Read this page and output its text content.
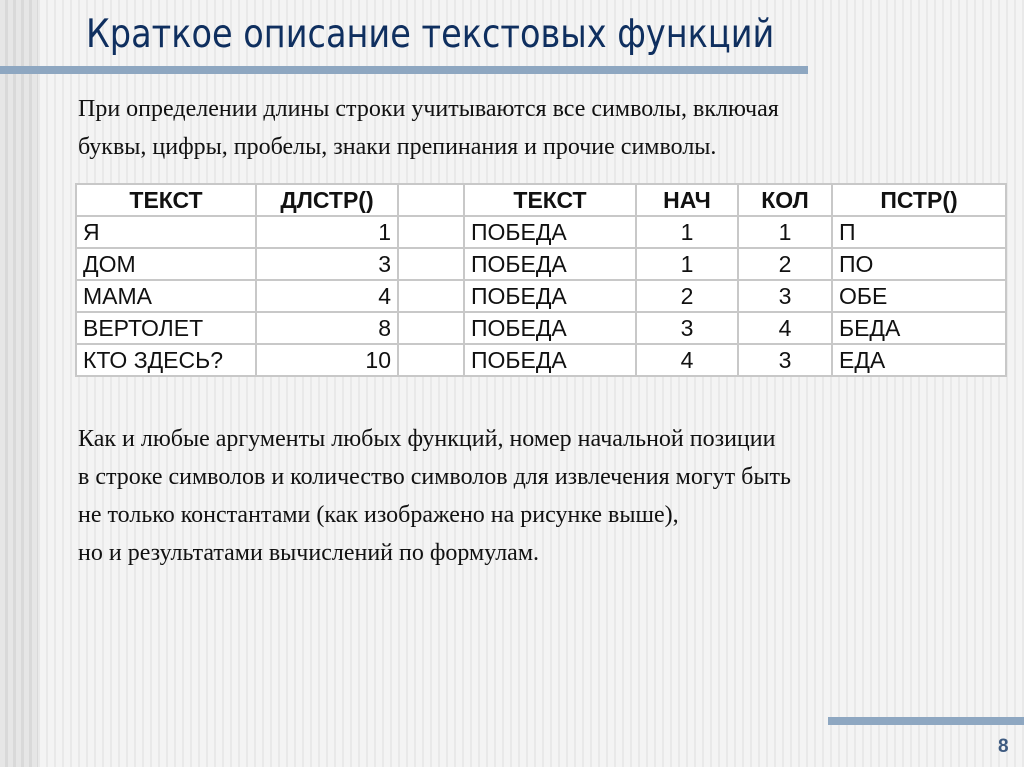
Краткое описание текстовых функций
При определении длины строки учитываются все символы, включая
буквы, цифры, пробелы, знаки препинания и прочие символы.
ТЕКСТ	ДЛСТР()		ТЕКСТ	НАЧ	КОЛ	ПСТР()
Я	1		ПОБЕДА	1	1	П
ДОМ	3		ПОБЕДА	1	2	ПО
МАМА	4		ПОБЕДА	2	3	ОБЕ
ВЕРТОЛЕТ	8		ПОБЕДА	3	4	БЕДА
КТО ЗДЕСЬ?	10		ПОБЕДА	4	3	ЕДА
Как и любые аргументы любых функций, номер начальной позиции
в строке символов и количество символов для извлечения могут быть
не только константами (как изображено на рисунке выше),
но и результатами вычислений по формулам.
8
